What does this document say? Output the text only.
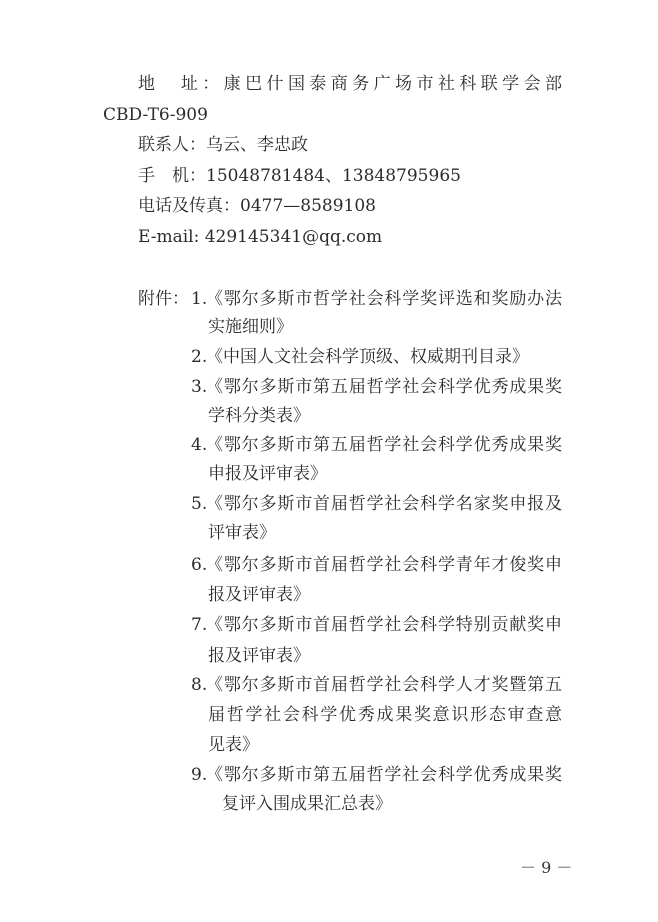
地　址：康巴什国泰商务广场市社科联学会部
CBD-T6-909
联系人：乌云、李忠政
手　机：15048781484、13848795965
电话及传真：0477—8589108
E-mail: 429145341@qq.com
附件： 1.
《鄂尔多斯市哲学社会科学奖评选和奖励办法
实施细则》
2.
《中国人文社会科学顶级、权威期刊目录》
3.
《鄂尔多斯市第五届哲学社会科学优秀成果奖
学科分类表》
4.
《鄂尔多斯市第五届哲学社会科学优秀成果奖
申报及评审表》
5.
《鄂尔多斯市首届哲学社会科学名家奖申报及
评审表》
6.
《鄂尔多斯市首届哲学社会科学青年才俊奖申
报及评审表》
7.
《鄂尔多斯市首届哲学社会科学特别贡献奖申
报及评审表》
8.
《鄂尔多斯市首届哲学社会科学人才奖暨第五
届哲学社会科学优秀成果奖意识形态审查意
见表》
9.
《鄂尔多斯市第五届哲学社会科学优秀成果奖
复评入围成果汇总表》
－ 9 －
